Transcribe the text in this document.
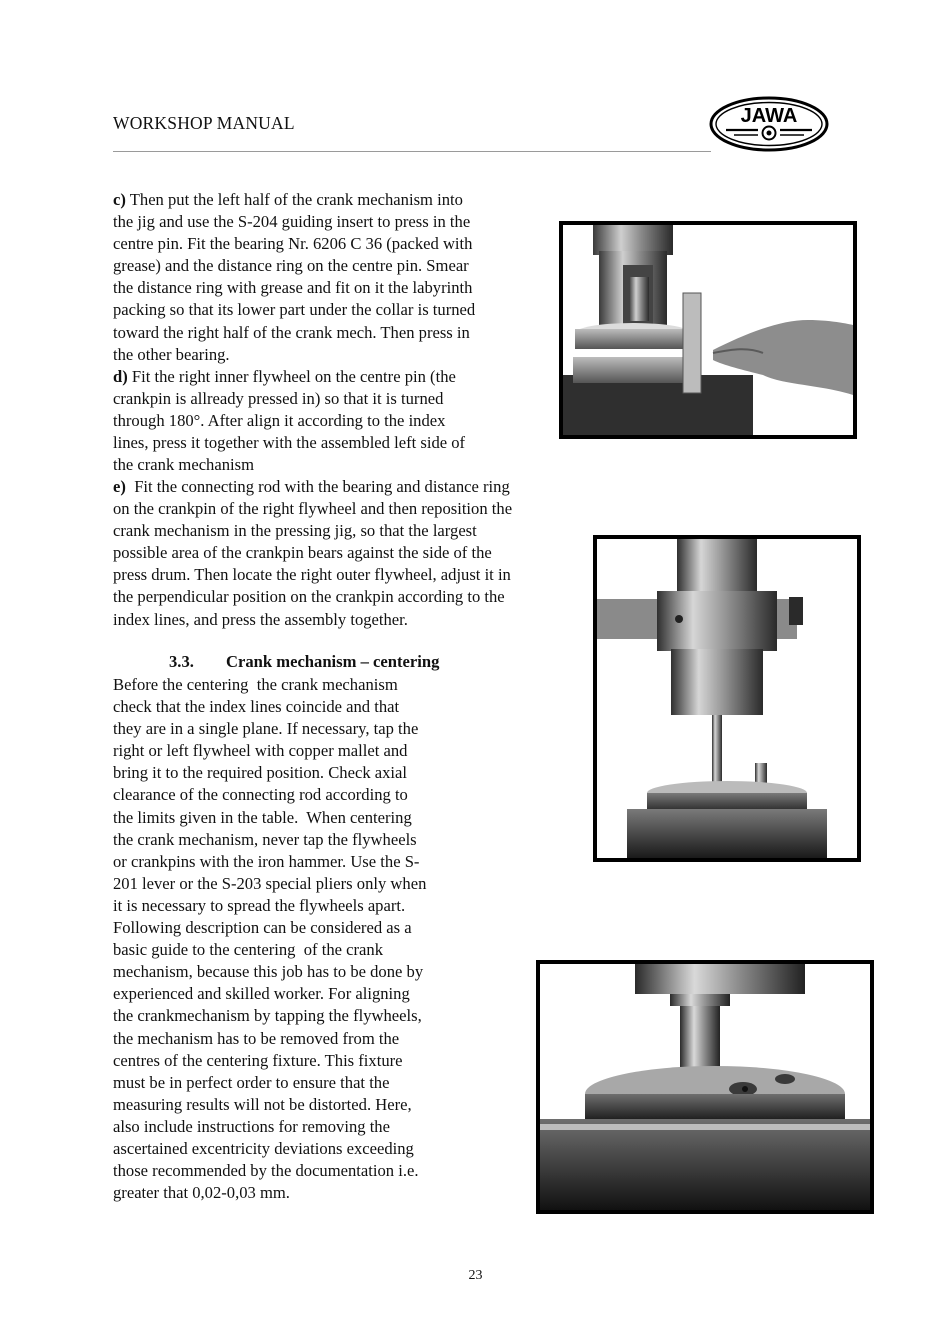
WORKSHOP MANUAL	JAWA
c) Then put the left half of the crank mechanism into
the jig and use the S-204 guiding insert to press in the
centre pin. Fit the bearing Nr. 6206 C 36 (packed with
grease) and the distance ring on the centre pin. Smear
the distance ring with grease and fit on it the labyrinth
packing so that its lower part under the collar is turned
toward the right half of the crank mech. Then press in
the other bearing.
d) Fit the right inner flywheel on the centre pin (the
crankpin is allready pressed in) so that it is turned
through 180°. After align it according to the index
lines, press it together with the assembled left side of
the crank mechanism
e)  Fit the connecting rod with the bearing and distance ring
on the crankpin of the right flywheel and then reposition the
crank mechanism in the pressing jig, so that the largest
possible area of the crankpin bears against the side of the
press drum. Then locate the right outer flywheel, adjust it in
the perpendicular position on the crankpin according to the
index lines, and press the assembly together.
3.3. Crank mechanism – centering
Before the centering  the crank mechanism
check that the index lines coincide and that
they are in a single plane. If necessary, tap the
right or left flywheel with copper mallet and
bring it to the required position. Check axial
clearance of the connecting rod according to
the limits given in the table.  When centering
the crank mechanism, never tap the flywheels
or crankpins with the iron hammer. Use the S-
201 lever or the S-203 special pliers only when
it is necessary to spread the flywheels apart.
Following description can be considered as a
basic guide to the centering  of the crank
mechanism, because this job has to be done by
experienced and skilled worker. For aligning
the crankmechanism by tapping the flywheels,
the mechanism has to be removed from the
centres of the centering fixture. This fixture
must be in perfect order to ensure that the
measuring results will not be distorted. Here,
also include instructions for removing the
ascertained excentricity deviations exceeding
those recommended by the documentation i.e.
greater that 0,02-0,03 mm.
23
